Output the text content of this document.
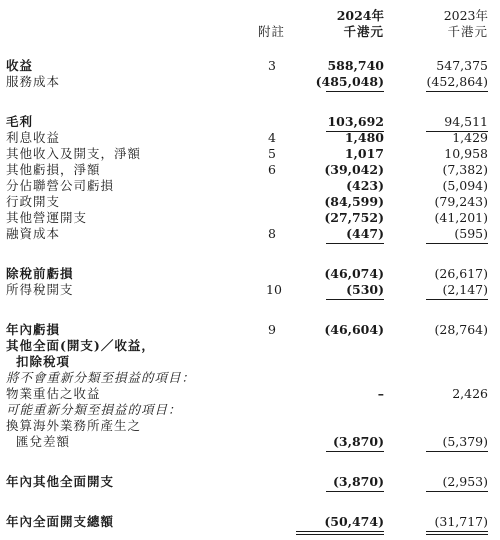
附註
2024年	2023年
千港元	千港元
收益	3	588,740	547,375
服務成本	(485,048)	(452,864)
毛利	103,692	94,511
利息收益	4	1,480	1,429
其他收入及開支，淨額	5	1,017	10,958
其他虧損，淨額	6	(39,042)	(7,382)
分佔聯營公司虧損	(423)	(5,094)
行政開支	(84,599)	(79,243)
其他營運開支	(27,752)	(41,201)
融資成本	8	(447)	(595)
除稅前虧損	(46,074)	(26,617)
所得稅開支	10	(530)	(2,147)
年內虧損	9	(46,604)	(28,764)
其他全面(開支)／收益，
扣除稅項
將不會重新分類至損益的項目：
物業重估之收益	–	2,426
可能重新分類至損益的項目：
換算海外業務所產生之
匯兌差額	(3,870)	(5,379)
年內其他全面開支	(3,870)	(2,953)
年內全面開支總額	(50,474)	(31,717)
